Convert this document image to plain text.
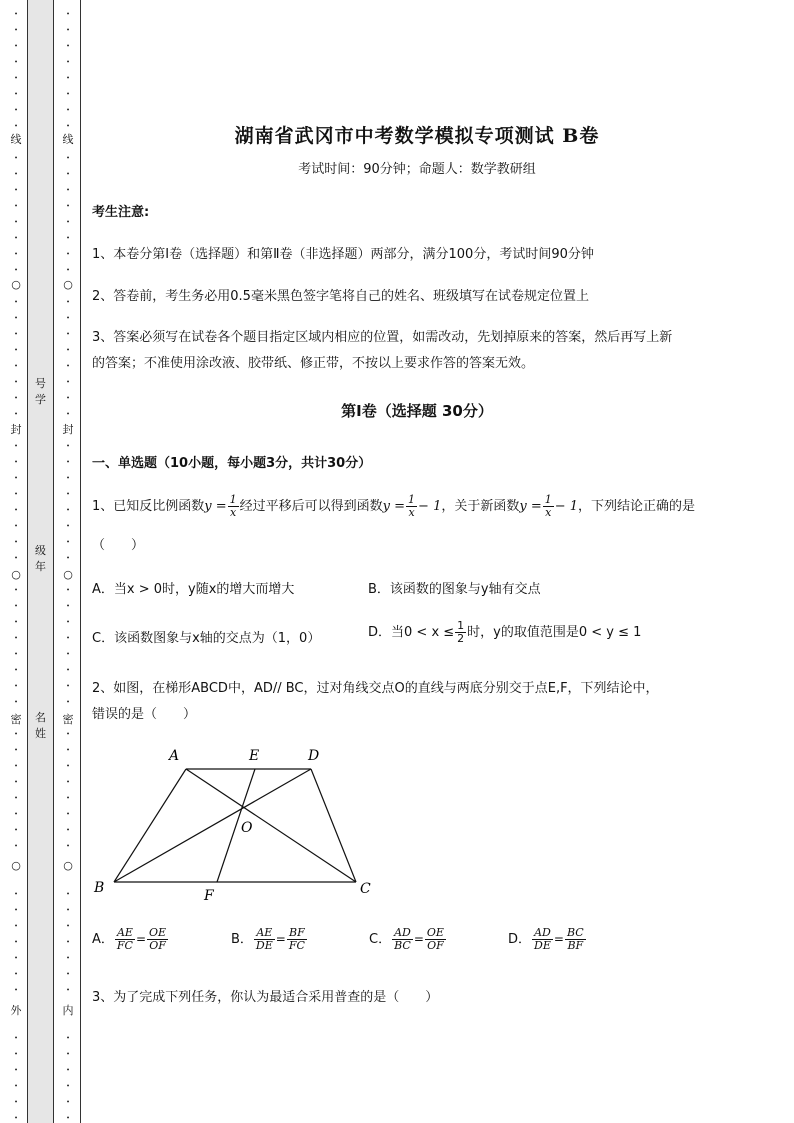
•
•
•
•
•
•
•
•
•
•
•
•
•
•
•
•
•
•
•
•
•
•
•
•
•
•
•
•
•
•
•
•
•
•
•
•
•
•
•
•
•
•
•
•
•
•
•
•
•
•
•
•
•
•
•
•
•
•
•
•
•
线
○
封
○
密
○
外
号学
级年
名姓
•
•
•
•
•
•
•
•
•
•
•
•
•
•
•
•
•
•
•
•
•
•
•
•
•
•
•
•
•
•
•
•
•
•
•
•
•
•
•
•
•
•
•
•
•
•
•
•
•
•
•
•
•
•
•
•
•
•
•
•
•
线
○
封
○
密
○
内
湖南省武冈市中考数学模拟专项测试 B卷
考试时间：90分钟；命题人：数学教研组
考生注意:
1、本卷分第I卷（选择题）和第Ⅱ卷（非选择题）两部分，满分100分，考试时间90分钟
2、答卷前，考生务必用0.5毫米黑色签字笔将自己的姓名、班级填写在试卷规定位置上
3、答案必须写在试卷各个题目指定区域内相应的位置，如需改动，先划掉原来的答案，然后再写上新
的答案；不准使用涂改液、胶带纸、修正带，不按以上要求作答的答案无效。
第I卷（选择题 30分）
一、单选题（10小题，每小题3分，共计30分）
1、已知反比例函数$y = \frac{1}{x}$ 经过平移后可以得到函数$y = \frac{1}{x} - 1$，关于新函数$y = \frac{1}{x} - 1$，下列结论正确的是
（　　）
A．当x > 0时，y随x的增大而增大	B．该函数的图象与y轴有交点
C．该函数图象与x轴的交点为（1，0）	D．当$0 < x \le \frac{1}{2}$ 时，y的取值范围是0 < y ≤ 1
2、如图，在梯形ABCD中，AD// BC，过对角线交点O的直线与两底分别交于点E,F，下列结论中，
错误的是（　　）
A	E	D
O
B	F	C
A． $\frac{AE}{FC} = \frac{OE}{OF}$	B． $\frac{AE}{DE} = \frac{BF}{FC}$	C． $\frac{AD}{BC} = \frac{OE}{OF}$	D． $\frac{AD}{DE} = \frac{BC}{BF}$
3、为了完成下列任务，你认为最适合采用普查的是（　　）
